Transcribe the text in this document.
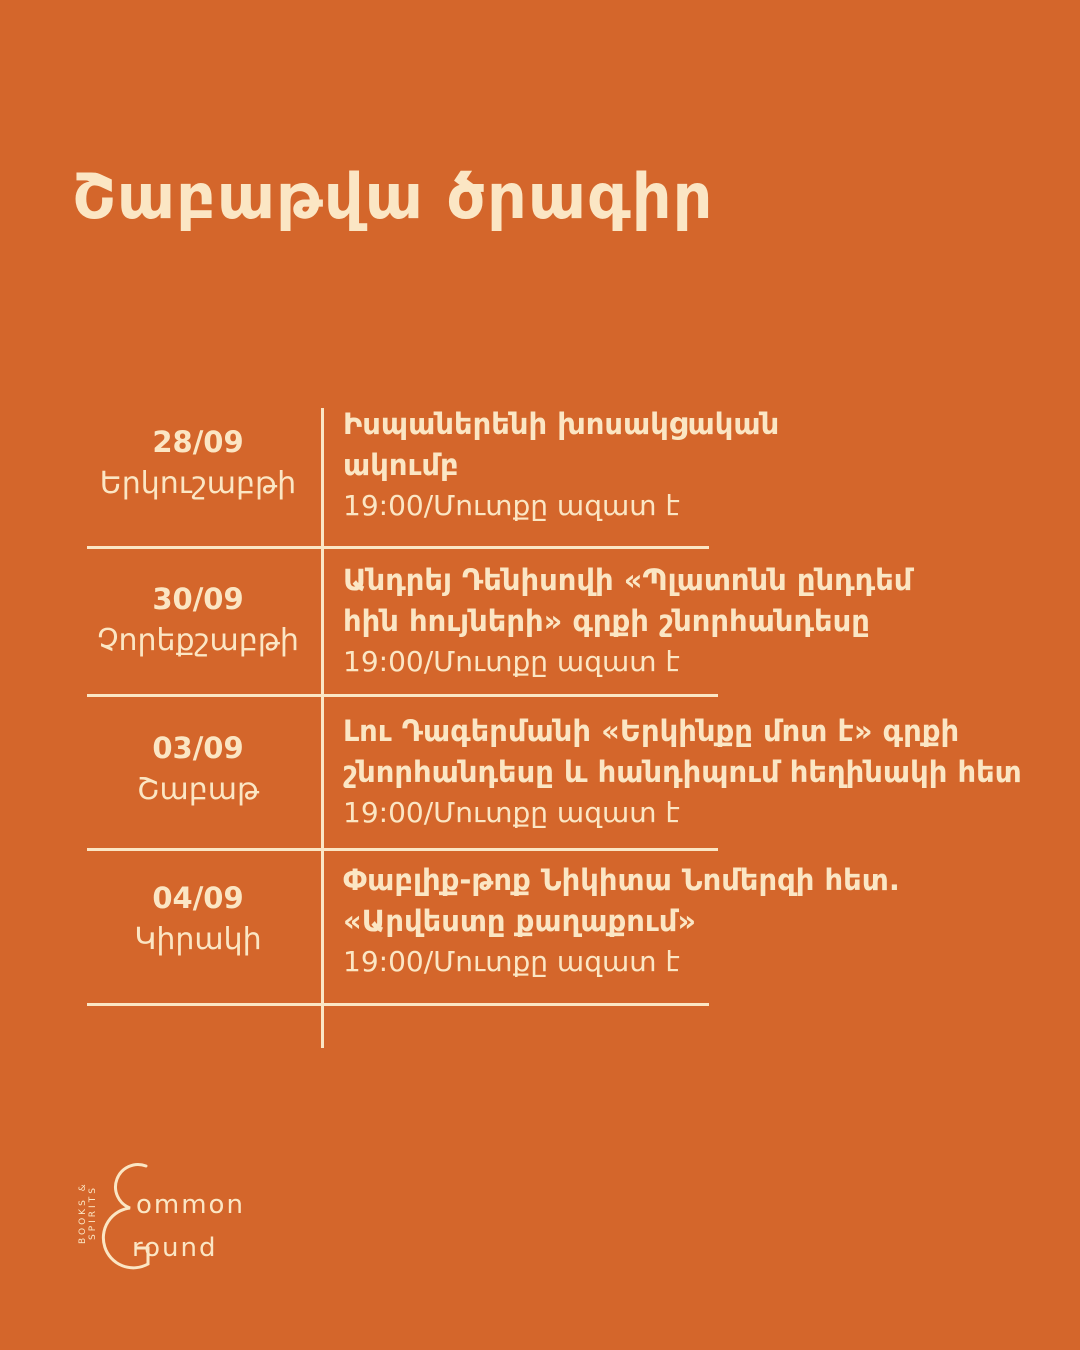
Շաբաթվա ծրագիր
28/09
Երկուշաբթի
Իսպաներենի խոսակցական
ակումբ
19:00/Մուտքը ազատ է
30/09
Չորեքշաբթի
Անդրեյ Դենիսովի «Պլատոնն ընդդեմ
հին հույների» գրքի շնորհանդեսը
19:00/Մուտքը ազատ է
03/09
Շաբաթ
Լու Դագերմանի «Երկինքը մոտ է» գրքի
շնորհանդեսը և հանդիպում հեղինակի հետ
19:00/Մուտքը ազատ է
04/09
Կիրակի
Փաբլիք-թոք Նիկիտա Նոմերզի հետ.
«Արվեստը քաղաքում»
19:00/Մուտքը ազատ է
BOOKS & SPIRITS ommon
round
